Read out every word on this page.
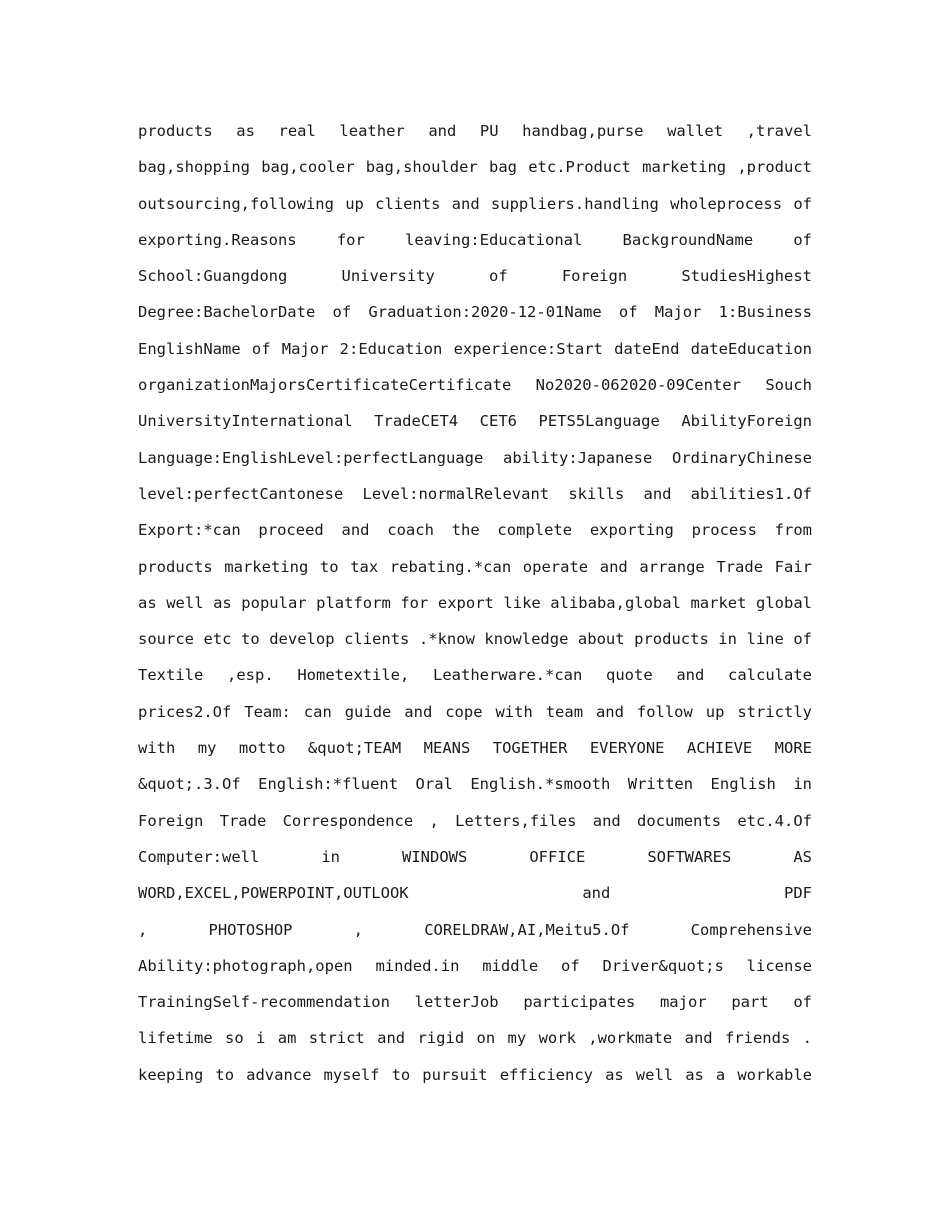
products as real leather and PU handbag,purse wallet ,travel
bag,shopping bag,cooler bag,shoulder bag etc.Product marketing ,product
outsourcing,following up clients and suppliers.handling wholeprocess of
exporting.Reasons for leaving:Educational BackgroundName of
School:Guangdong University of Foreign StudiesHighest
Degree:BachelorDate of Graduation:2020-12-01Name of Major 1:Business
EnglishName of Major 2:Education experience:Start dateEnd dateEducation
organizationMajorsCertificateCertificate No2020-062020-09Center Souch
UniversityInternational TradeCET4 CET6 PETS5Language AbilityForeign
Language:EnglishLevel:perfectLanguage ability:Japanese OrdinaryChinese
level:perfectCantonese Level:normalRelevant skills and abilities1.Of
Export:*can proceed and coach the complete exporting process from
products marketing to tax rebating.*can operate and arrange Trade Fair
as well as popular platform for export like alibaba,global market global
source etc to develop clients .*know knowledge about products in line of
Textile ,esp. Hometextile, Leatherware.*can quote and calculate
prices2.Of Team: can guide and cope with team and follow up strictly
with my motto &quot;TEAM MEANS TOGETHER EVERYONE ACHIEVE MORE
&quot;.3.Of English:*fluent Oral English.*smooth Written English in
Foreign Trade Correspondence , Letters,files and documents etc.4.Of
Computer:well in WINDOWS OFFICE SOFTWARES AS
WORD,EXCEL,POWERPOINT,OUTLOOK and PDF
, PHOTOSHOP , CORELDRAW,AI,Meitu5.Of Comprehensive
Ability:photograph,open minded.in middle of Driver&quot;s license
TrainingSelf-recommendation letterJob participates major part of
lifetime so i am strict and rigid on my work ,workmate and friends .
keeping to advance myself to pursuit efficiency as well as a workable
